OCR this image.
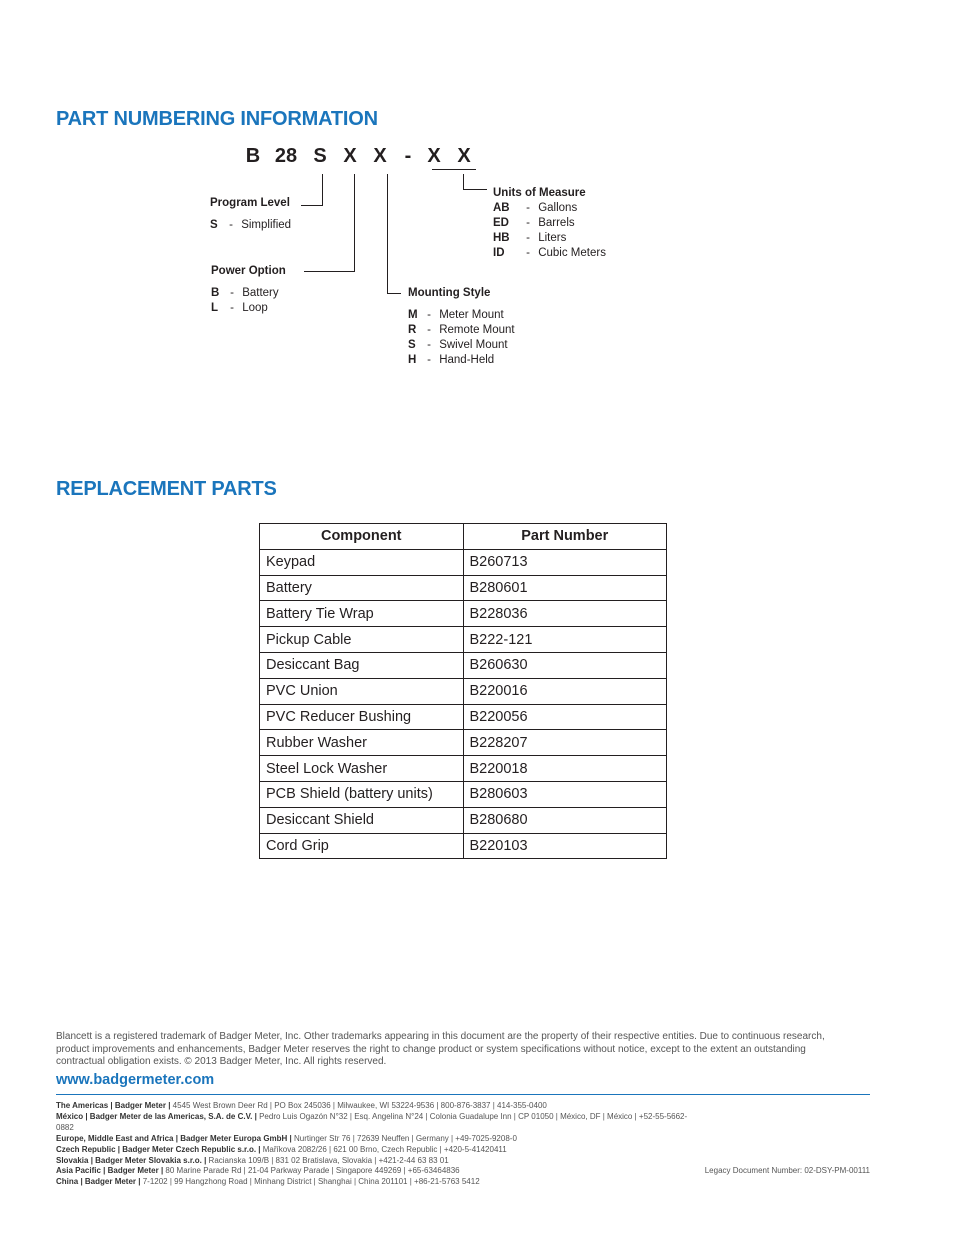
PART NUMBERING INFORMATION
B 28 S X X - X X
Program Level
S - Simplified
Power Option
B - Battery
L - Loop
Mounting Style
M - Meter Mount
R - Remote Mount
S - Swivel Mount
H - Hand-Held
Units of Measure
AB - Gallons
ED - Barrels
HB - Liters
ID - Cubic Meters
REPLACEMENT PARTS
Component	Part Number
Keypad	B260713
Battery	B280601
Battery Tie Wrap	B228036
Pickup Cable	B222-121
Desiccant Bag	B260630
PVC Union	B220016
PVC Reducer Bushing	B220056
Rubber Washer	B228207
Steel Lock Washer	B220018
PCB Shield (battery units)	B280603
Desiccant Shield	B280680
Cord Grip	B220103
Blancett is a registered trademark of Badger Meter, Inc. Other trademarks appearing in this document are the property of their respective entities. Due to continuous research,
product improvements and enhancements, Badger Meter reserves the right to change product or system specifications without notice, except to the extent an outstanding
contractual obligation exists. © 2013 Badger Meter, Inc. All rights reserved.
www.badgermeter.com
The Americas | Badger Meter | 4545 West Brown Deer Rd | PO Box 245036 | Milwaukee, WI 53224-9536 | 800-876-3837 | 414-355-0400
México | Badger Meter de las Americas, S.A. de C.V. | Pedro Luis Ogazón N°32 | Esq. Angelina N°24 | Colonia Guadalupe Inn | CP 01050 | México, DF | México | +52-55-5662-0882
Europe, Middle East and Africa | Badger Meter Europa GmbH | Nurtinger Str 76 | 72639 Neuffen | Germany | +49-7025-9208-0
Czech Republic | Badger Meter Czech Republic s.r.o. | Maříkova 2082/26 | 621 00 Brno, Czech Republic | +420-5-41420411
Slovakia | Badger Meter Slovakia s.r.o. | Racianska 109/B | 831 02 Bratislava, Slovakia | +421-2-44 63 83 01
Asia Pacific | Badger Meter | 80 Marine Parade Rd | 21-04 Parkway Parade | Singapore 449269 | +65-63464836
China | Badger Meter | 7-1202 | 99 Hangzhong Road | Minhang District | Shanghai | China 201101 | +86-21-5763 5412
Legacy Document Number: 02-DSY-PM-00111
